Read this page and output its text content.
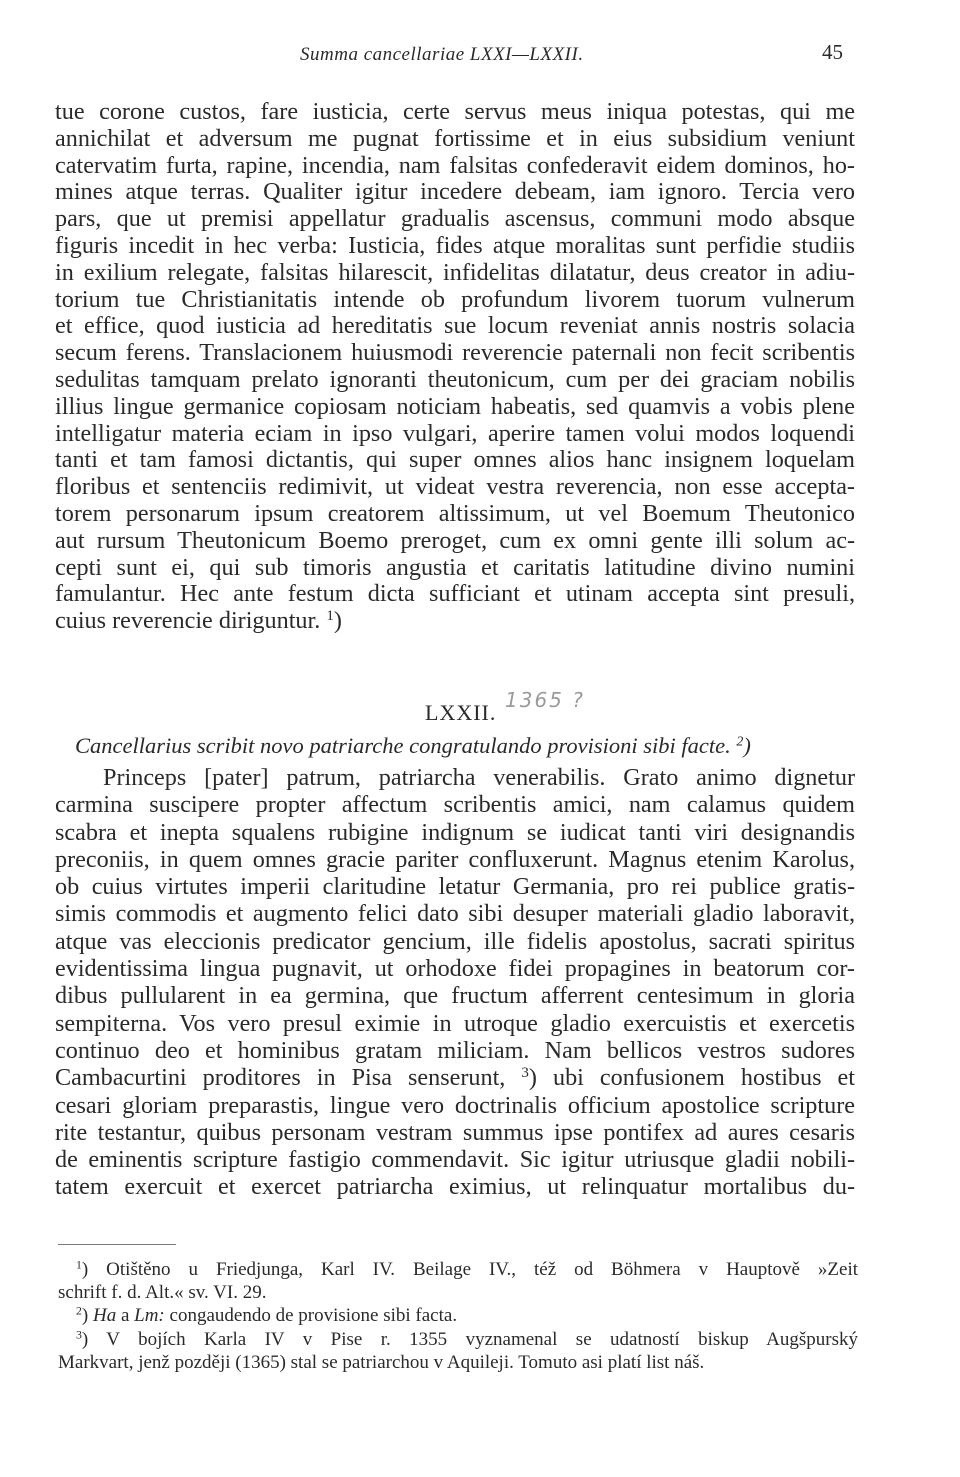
Summa cancellariae LXXI—LXXII.	45
tue corone custos, fare iusticia, certe servus meus iniqua potestas, qui me
annichilat et adversum me pugnat fortissime et in eius subsidium veniunt
catervatim furta, rapine, incendia, nam falsitas confederavit eidem dominos, ho-
mines atque terras. Qualiter igitur incedere debeam, iam ignoro. Tercia vero
pars, que ut premisi appellatur gradualis ascensus, communi modo absque
figuris incedit in hec verba: Iusticia, fides atque moralitas sunt perfidie studiis
in exilium relegate, falsitas hilarescit, infidelitas dilatatur, deus creator in adiu-
torium tue Christianitatis intende ob profundum livorem tuorum vulnerum
et effice, quod iusticia ad hereditatis sue locum reveniat annis nostris solacia
secum ferens. Translacionem huiusmodi reverencie paternali non fecit scribentis
sedulitas tamquam prelato ignoranti theutonicum, cum per dei graciam nobilis
illius lingue germanice copiosam noticiam habeatis, sed quamvis a vobis plene
intelligatur materia eciam in ipso vulgari, aperire tamen volui modos loquendi
tanti et tam famosi dictantis, qui super omnes alios hanc insignem loquelam
floribus et sentenciis redimivit, ut videat vestra reverencia, non esse accepta-
torem personarum ipsum creatorem altissimum, ut vel Boemum Theutonico
aut rursum Theutonicum Boemo preroget, cum ex omni gente illi solum ac-
cepti sunt ei, qui sub timoris angustia et caritatis latitudine divino numini
famulantur. Hec ante festum dicta sufficiant et utinam accepta sint presuli,
cuius reverencie diriguntur. $^1$)
LXXII. 1365 ?
Cancellarius scribit novo patriarche congratulando provisioni sibi facte. $^2$)
Princeps [pater] patrum, patriarcha venerabilis. Grato animo dignetur
carmina suscipere propter affectum scribentis amici, nam calamus quidem
scabra et inepta squalens rubigine indignum se iudicat tanti viri designandis
preconiis, in quem omnes gracie pariter confluxerunt. Magnus etenim Karolus,
ob cuius virtutes imperii claritudine letatur Germania, pro rei publice gratis-
simis commodis et augmento felici dato sibi desuper materiali gladio laboravit,
atque vas eleccionis predicator gencium, ille fidelis apostolus, sacrati spiritus
evidentissima lingua pugnavit, ut orhodoxe fidei propagines in beatorum cor-
dibus pullularent in ea germina, que fructum afferrent centesimum in gloria
sempiterna. Vos vero presul eximie in utroque gladio exercuistis et exercetis
continuo deo et hominibus gratam miliciam. Nam bellicos vestros sudores
Cambacurtini proditores in Pisa senserunt, $^3$) ubi confusionem hostibus et
cesari gloriam preparastis, lingue vero doctrinalis officium apostolice scripture
rite testantur, quibus personam vestram summus ipse pontifex ad aures cesaris
de eminentis scripture fastigio commendavit. Sic igitur utriusque gladii nobili-
tatem exercuit et exercet patriarcha eximius, ut relinquatur mortalibus du-
$^1$) Otištěno u Friedjunga, Karl IV. Beilage IV., též od Böhmera v Hauptově »Zeit
schrift f. d. Alt.« sv. VI. 29.
$^2$) Ha a Lm: congaudendo de provisione sibi facta.
$^3$) V bojích Karla IV v Pise r. 1355 vyznamenal se udatností biskup Augšpurský
Markvart, jenž později (1365) stal se patriarchou v Aquileji. Tomuto asi platí list náš.
